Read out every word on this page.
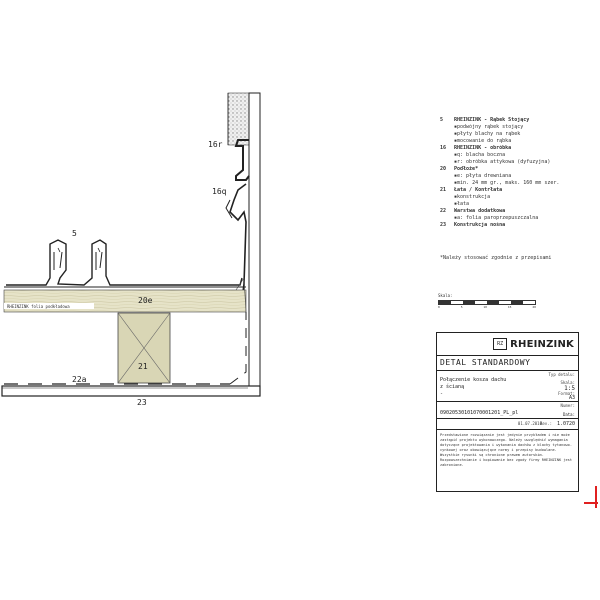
16r
16q
5
20e
21
22a
23
RHEINZINK folia podkładowa
5	RHEINZINK - Rąbek Stojący
▪ podwójny rąbek stojący
▪ płyty blachy na rąbek
▪ mocowanie do rąbka
16	RHEINZINK - obróbka
▪ q: blacha boczna
▪ r: obróbka attykowa (dyfuzyjna)
20	Podłoże*
▪ e: płyta drewniana
▪ min. 24 mm gr., maks. 160 mm szer.
21	Łata / Kontrłata
▪ konstrukcja
▪ łata
22	Warstwa dodatkowa
▪ a: folia paroprzepuszczalna
23	Konstrukcja nośna
*Należy stosować zgodnie z przepisami
Skala:
0	5	10	15	20
RZ RHEINZINK
DETAL STANDARDOWY
Typ detalu:
Połączenie kosza dachu
z ścianą
-
Skala:
1:5
Format:
A3
Numer:
09020530101070001201_PL_pl	Data:
01.07.2010
Rev.: 1.0720
Przedstawione rozwiązanie jest jedynie przykładem i nie może zastąpić projektu wykonawczego. Należy uwzględnić wymagania dotyczące projektowania i wykonania dachów z blachy tytanowo-cynkowej oraz obowiązujące normy i przepisy budowlane. Wszystkie rysunki są chronione prawem autorskim. Rozpowszechnianie i kopiowanie bez zgody firmy RHEINZINK jest zabronione.
